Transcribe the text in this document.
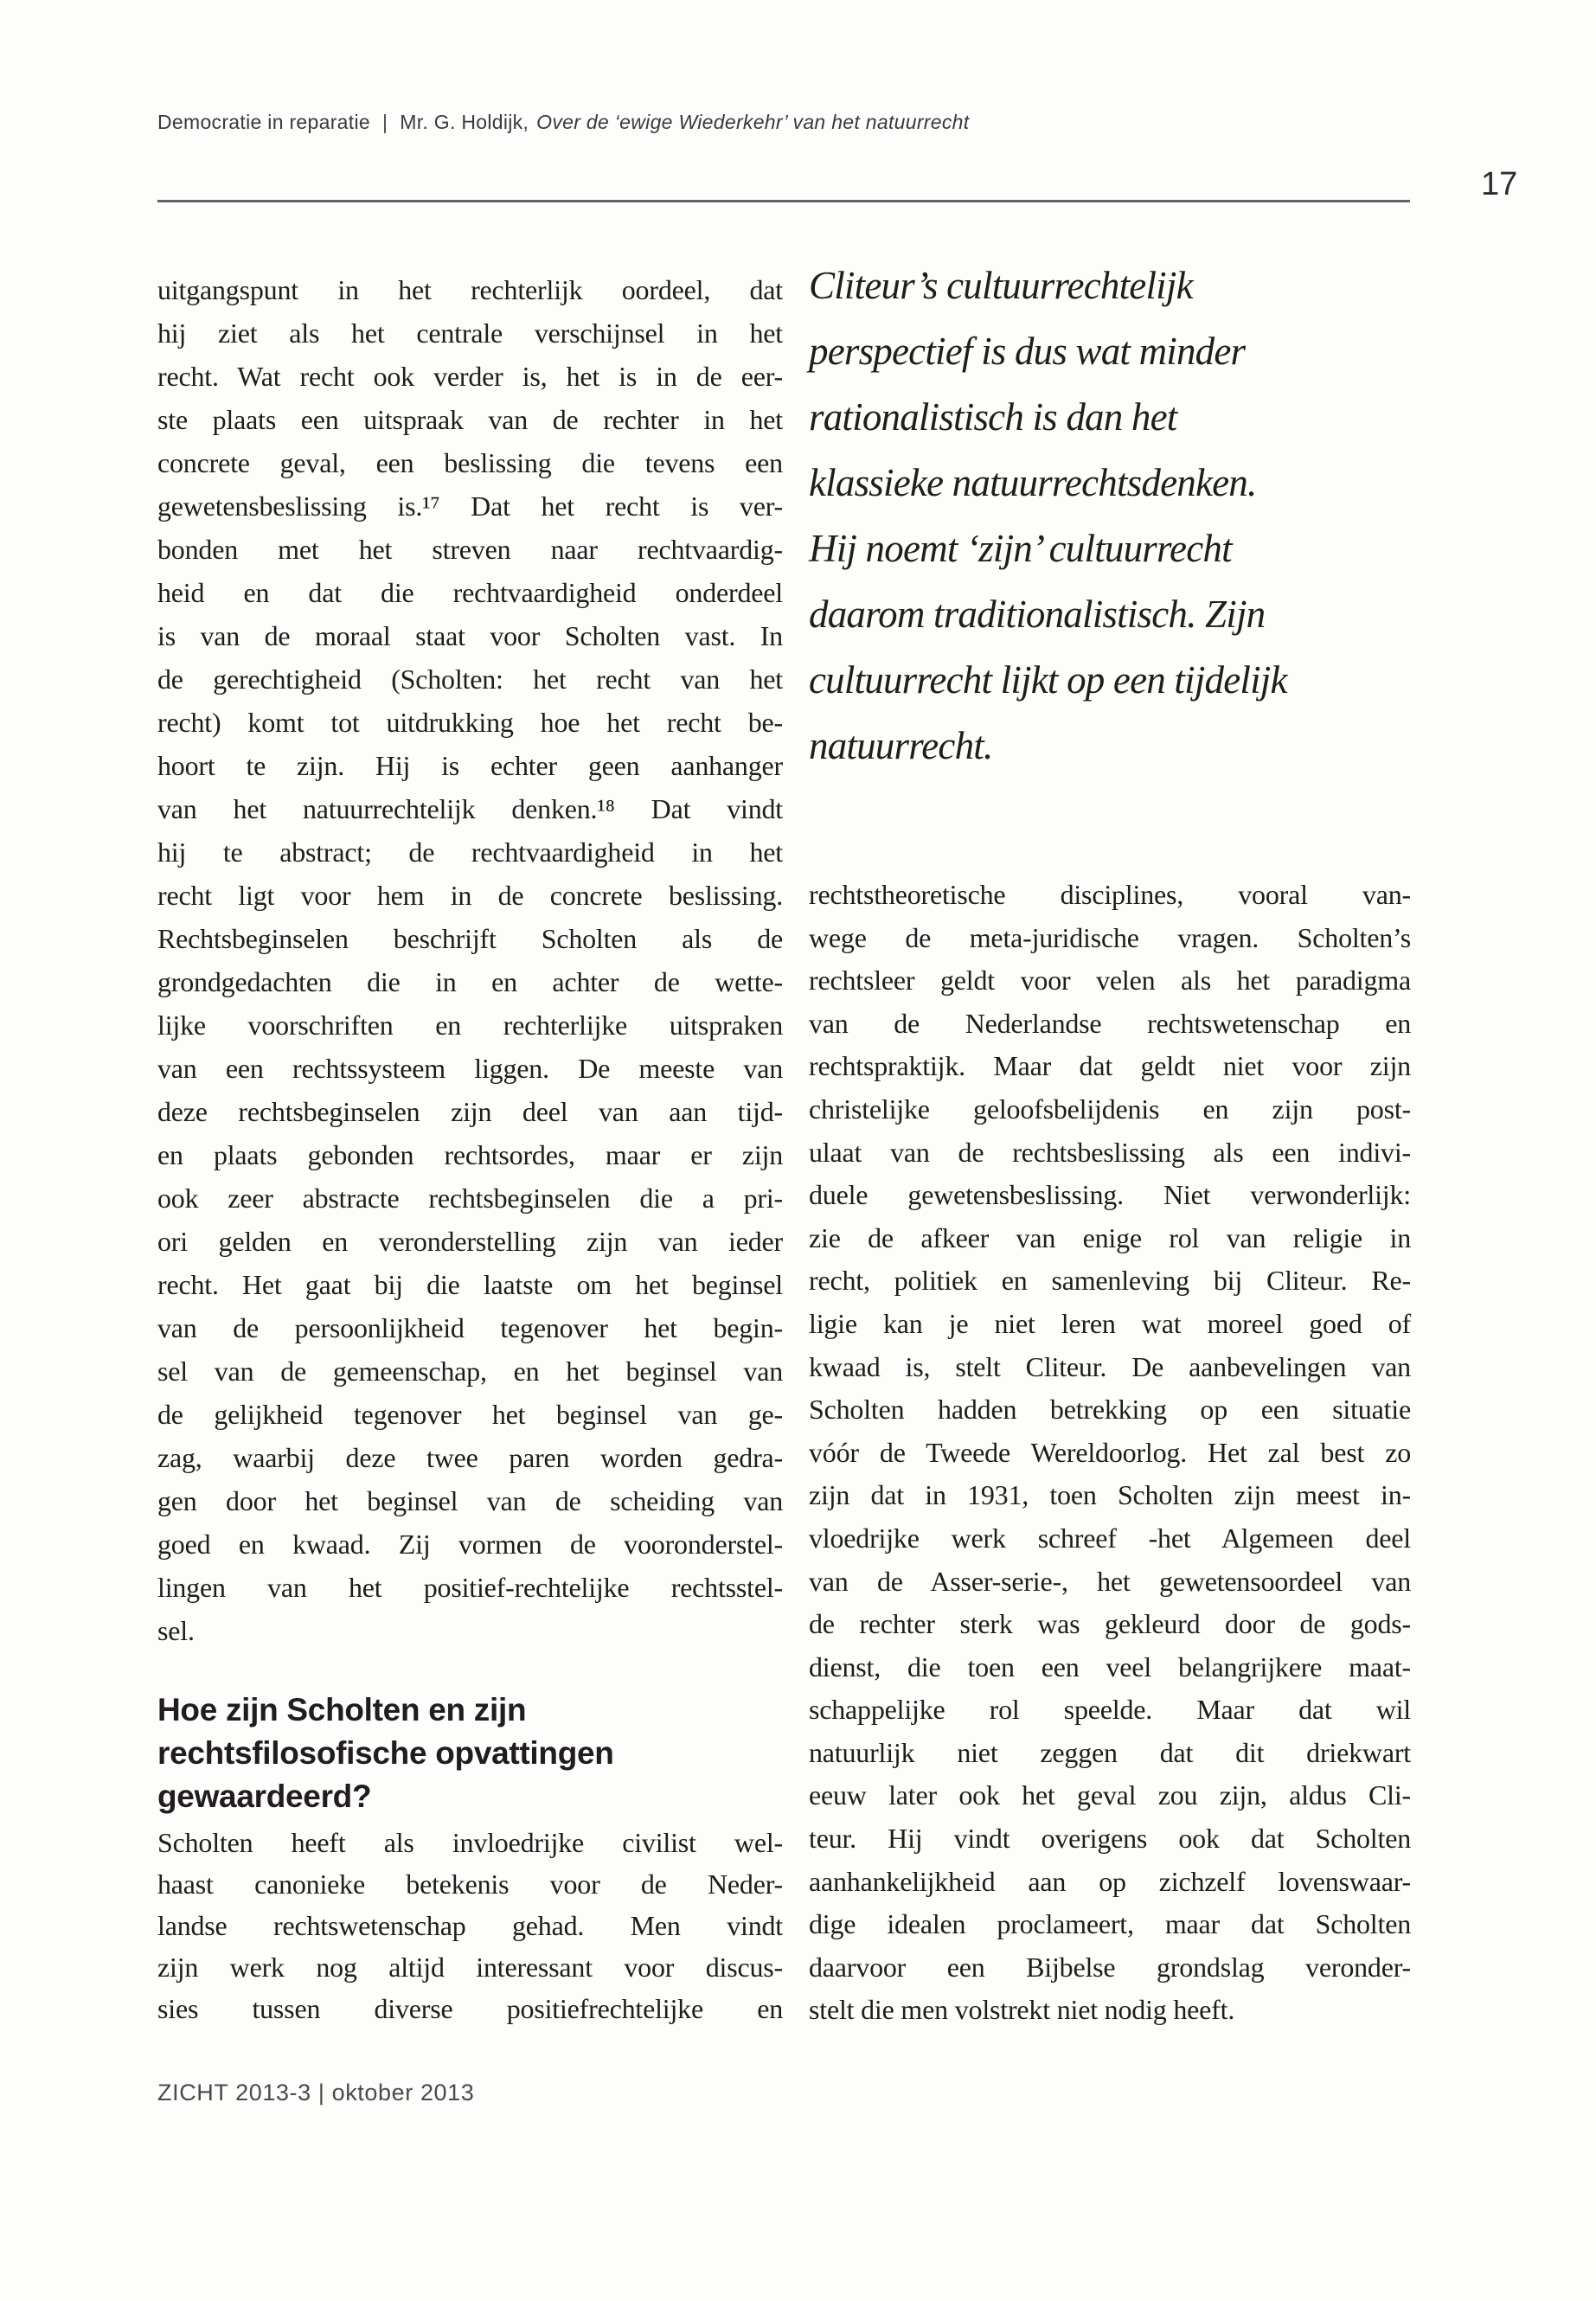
Democratie in reparatie | Mr. G. Holdijk, Over de ‘ewige Wiederkehr’ van het natuurrecht
17
uitgangspunt in het rechterlijk oordeel, dat
hij ziet als het centrale verschijnsel in het
recht. Wat recht ook verder is, het is in de eer-
ste plaats een uitspraak van de rechter in het
concrete geval, een beslissing die tevens een
gewetensbeslissing is.¹⁷ Dat het recht is ver-
bonden met het streven naar rechtvaardig-
heid en dat die rechtvaardigheid onderdeel
is van de moraal staat voor Scholten vast. In
de gerechtigheid (Scholten: het recht van het
recht) komt tot uitdrukking hoe het recht be-
hoort te zijn. Hij is echter geen aanhanger
van het natuurrechtelijk denken.¹⁸ Dat vindt
hij te abstract; de rechtvaardigheid in het
recht ligt voor hem in de concrete beslissing.
Rechtsbeginselen beschrijft Scholten als de
grondgedachten die in en achter de wette-
lijke voorschriften en rechterlijke uitspraken
van een rechtssysteem liggen. De meeste van
deze rechtsbeginselen zijn deel van aan tijd-
en plaats gebonden rechtsordes, maar er zijn
ook zeer abstracte rechtsbeginselen die a pri-
ori gelden en veronderstelling zijn van ieder
recht. Het gaat bij die laatste om het beginsel
van de persoonlijkheid tegenover het begin-
sel van de gemeenschap, en het beginsel van
de gelijkheid tegenover het beginsel van ge-
zag, waarbij deze twee paren worden gedra-
gen door het beginsel van de scheiding van
goed en kwaad. Zij vormen de vooronderstel-
lingen van het positief-rechtelijke rechtsstel-
sel.
Hoe zijn Scholten en zijn
rechtsfilosofische opvattingen
gewaardeerd?
Scholten heeft als invloedrijke civilist wel-
haast canonieke betekenis voor de Neder-
landse rechtswetenschap gehad. Men vindt
zijn werk nog altijd interessant voor discus-
sies tussen diverse positiefrechtelijke en
Cliteur’s cultuurrechtelijk
perspectief is dus wat minder
rationalistisch is dan het
klassieke natuurrechtsdenken.
Hij noemt ‘zijn’ cultuurrecht
daarom traditionalistisch. Zijn
cultuurrecht lijkt op een tijdelijk
natuurrecht.
rechtstheoretische disciplines, vooral van-
wege de meta-juridische vragen. Scholten’s
rechtsleer geldt voor velen als het paradigma
van de Nederlandse rechtswetenschap en
rechtspraktijk. Maar dat geldt niet voor zijn
christelijke geloofsbelijdenis en zijn post-
ulaat van de rechtsbeslissing als een indivi-
duele gewetensbeslissing. Niet verwonderlijk:
zie de afkeer van enige rol van religie in
recht, politiek en samenleving bij Cliteur. Re-
ligie kan je niet leren wat moreel goed of
kwaad is, stelt Cliteur. De aanbevelingen van
Scholten hadden betrekking op een situatie
vóór de Tweede Wereldoorlog. Het zal best zo
zijn dat in 1931, toen Scholten zijn meest in-
vloedrijke werk schreef -het Algemeen deel
van de Asser-serie-, het gewetensoordeel van
de rechter sterk was gekleurd door de gods-
dienst, die toen een veel belangrijkere maat-
schappelijke rol speelde. Maar dat wil
natuurlijk niet zeggen dat dit driekwart
eeuw later ook het geval zou zijn, aldus Cli-
teur. Hij vindt overigens ook dat Scholten
aanhankelijkheid aan op zichzelf lovenswaar-
dige idealen proclameert, maar dat Scholten
daarvoor een Bijbelse grondslag veronder-
stelt die men volstrekt niet nodig heeft.
ZICHT 2013-3 | oktober 2013
